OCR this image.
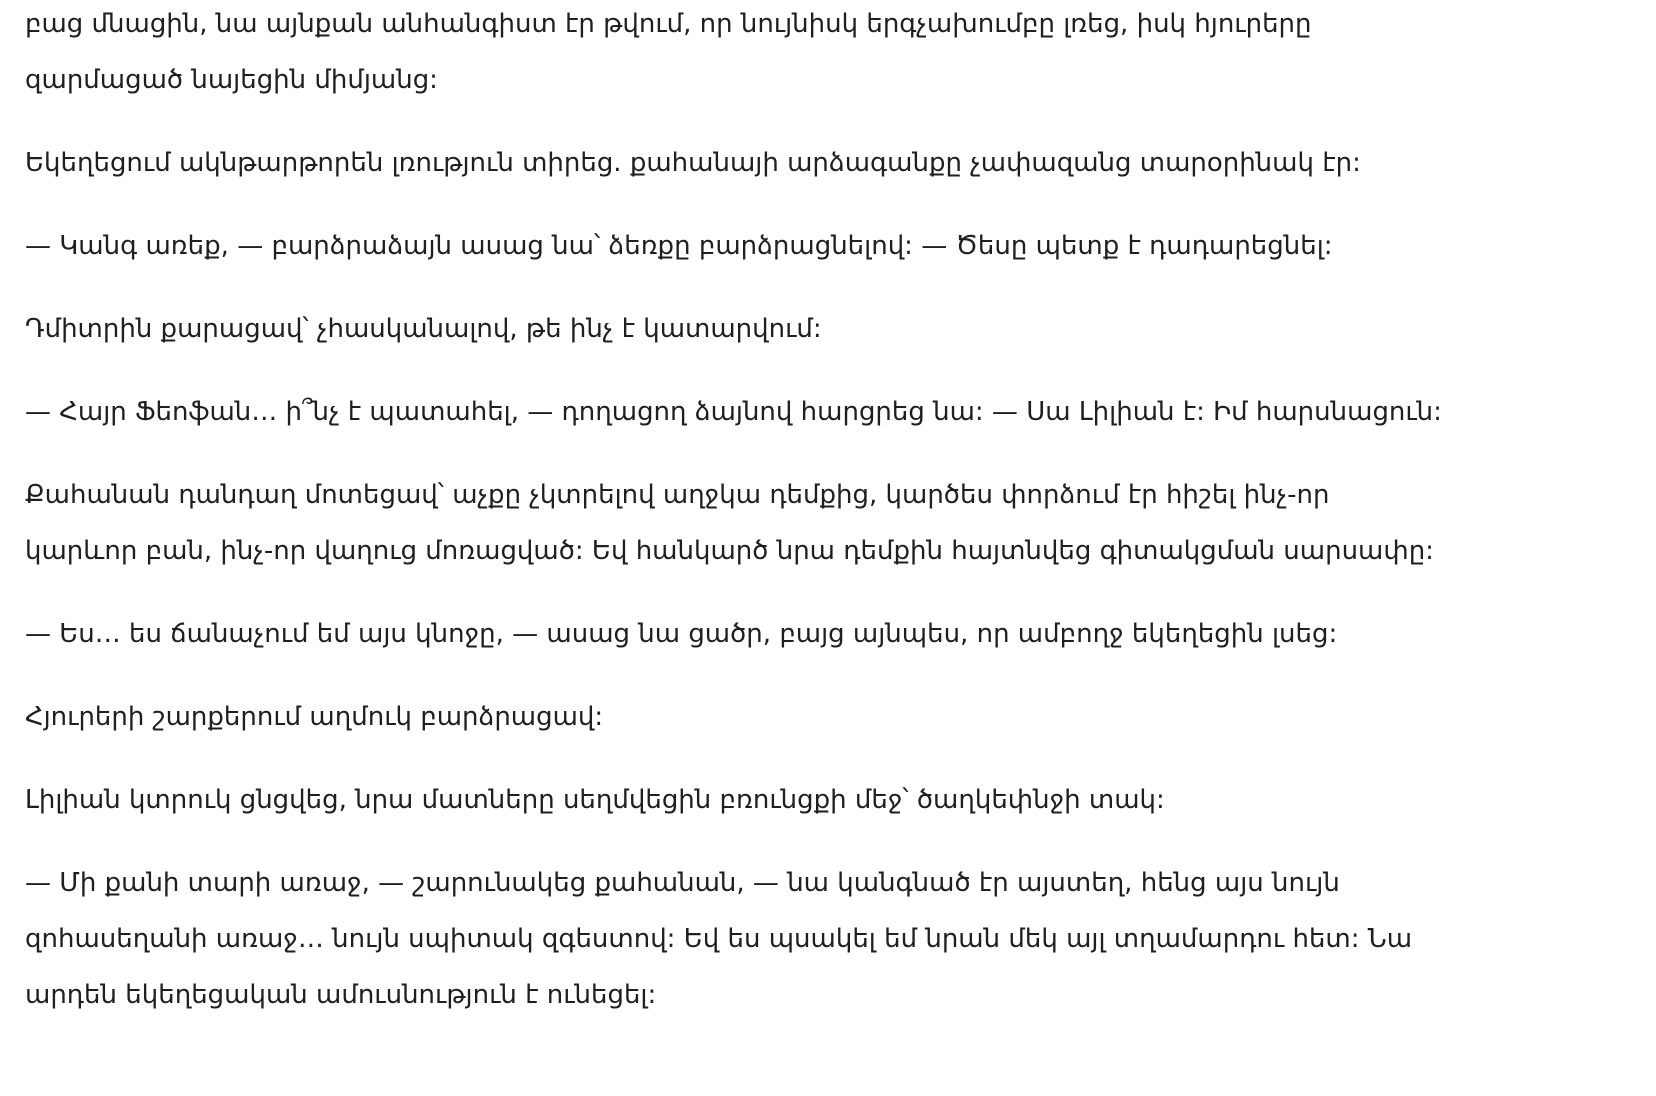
բաց մնացին, նա այնքան անհանգիստ էր թվում, որ նույնիսկ երգչախումբը լռեց, իսկ հյուրերը
զարմացած նայեցին միմյանց:

Եկեղեցում ակնթարթորեն լռություն տիրեց. քահանայի արձագանքը չափազանց տարօրինակ էր:

— Կանգ առեք, — բարձրաձայն ասաց նա՝ ձեռքը բարձրացնելով: — Ծեսը պետք է դադարեցնել:

Դմիտրին քարացավ՝ չհասկանալով, թե ինչ է կատարվում:

— Հայր Ֆեոֆան… ի՞նչ է պատահել, — դողացող ձայնով հարցրեց նա: — Սա Լիլիան է: Իմ հարսնացուն:

Քահանան դանդաղ մոտեցավ՝ աչքը չկտրելով աղջկա դեմքից, կարծես փորձում էր հիշել ինչ-որ
կարևոր բան, ինչ-որ վաղուց մոռացված: Եվ հանկարծ նրա դեմքին հայտնվեց գիտակցման սարսափը:

— Ես… ես ճանաչում եմ այս կնոջը, — ասաց նա ցածր, բայց այնպես, որ ամբողջ եկեղեցին լսեց:

Հյուրերի շարքերում աղմուկ բարձրացավ:

Լիլիան կտրուկ ցնցվեց, նրա մատները սեղմվեցին բռունցքի մեջ՝ ծաղկեփնջի տակ:

— Մի քանի տարի առաջ, — շարունակեց քահանան, — նա կանգնած էր այստեղ, հենց այս նույն
զոհասեղանի առաջ… նույն սպիտակ զգեստով: Եվ ես պսակել եմ նրան մեկ այլ տղամարդու հետ: Նա
արդեն եկեղեցական ամուսնություն է ունեցել:
